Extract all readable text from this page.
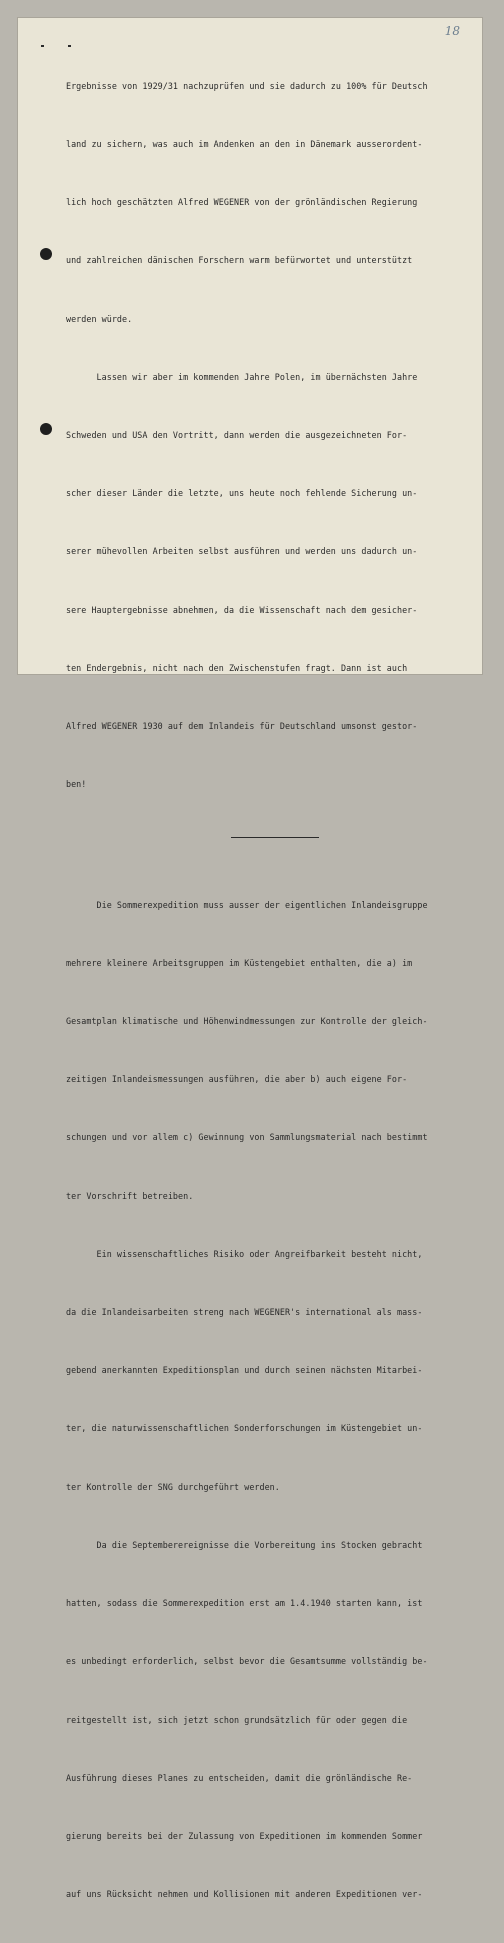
18

Ergebnisse von 1929/31 nachzuprüfen und sie dadurch zu 100% für Deutsch

land zu sichern, was auch im Andenken an den in Dänemark ausserordent-

lich hoch geschätzten Alfred WEGENER von der grönländischen Regierung

und zahlreichen dänischen Forschern warm befürwortet und unterstützt

werden würde.

Lassen wir aber im kommenden Jahre Polen, im übernächsten Jahre

Schweden und USA den Vortritt, dann werden die ausgezeichneten For-

scher dieser Länder die letzte, uns heute noch fehlende Sicherung un-

serer mühevollen Arbeiten selbst ausführen und werden uns dadurch un-

sere Hauptergebnisse abnehmen, da die Wissenschaft nach dem gesicher-

ten Endergebnis, nicht nach den Zwischenstufen fragt. Dann ist auch

Alfred WEGENER 1930 auf dem Inlandeis für Deutschland umsonst gestor-

ben!

Die Sommerexpedition muss ausser der eigentlichen Inlandeisgruppe

mehrere kleinere Arbeitsgruppen im Küstengebiet enthalten, die a) im

Gesamtplan klimatische und Höhenwindmessungen zur Kontrolle der gleich-

zeitigen Inlandeismessungen ausführen, die aber b) auch eigene For-

schungen und vor allem c) Gewinnung von Sammlungsmaterial nach bestimmt

ter Vorschrift betreiben.

Ein wissenschaftliches Risiko oder Angreifbarkeit besteht nicht,

da die Inlandeisarbeiten streng nach WEGENER's international als mass-

gebend anerkannten Expeditionsplan und durch seinen nächsten Mitarbei-

ter, die naturwissenschaftlichen Sonderforschungen im Küstengebiet un-

ter Kontrolle der SNG durchgeführt werden.

Da die Septemberereignisse die Vorbereitung ins Stocken gebracht

hatten, sodass die Sommerexpedition erst am 1.4.1940 starten kann, ist

es unbedingt erforderlich, selbst bevor die Gesamtsumme vollständig be-

reitgestellt ist, sich jetzt schon grundsätzlich für oder gegen die

Ausführung dieses Planes zu entscheiden, damit die grönländische Re-

gierung bereits bei der Zulassung von Expeditionen im kommenden Sommer

auf uns Rücksicht nehmen und Kollisionen mit anderen Expeditionen ver-
